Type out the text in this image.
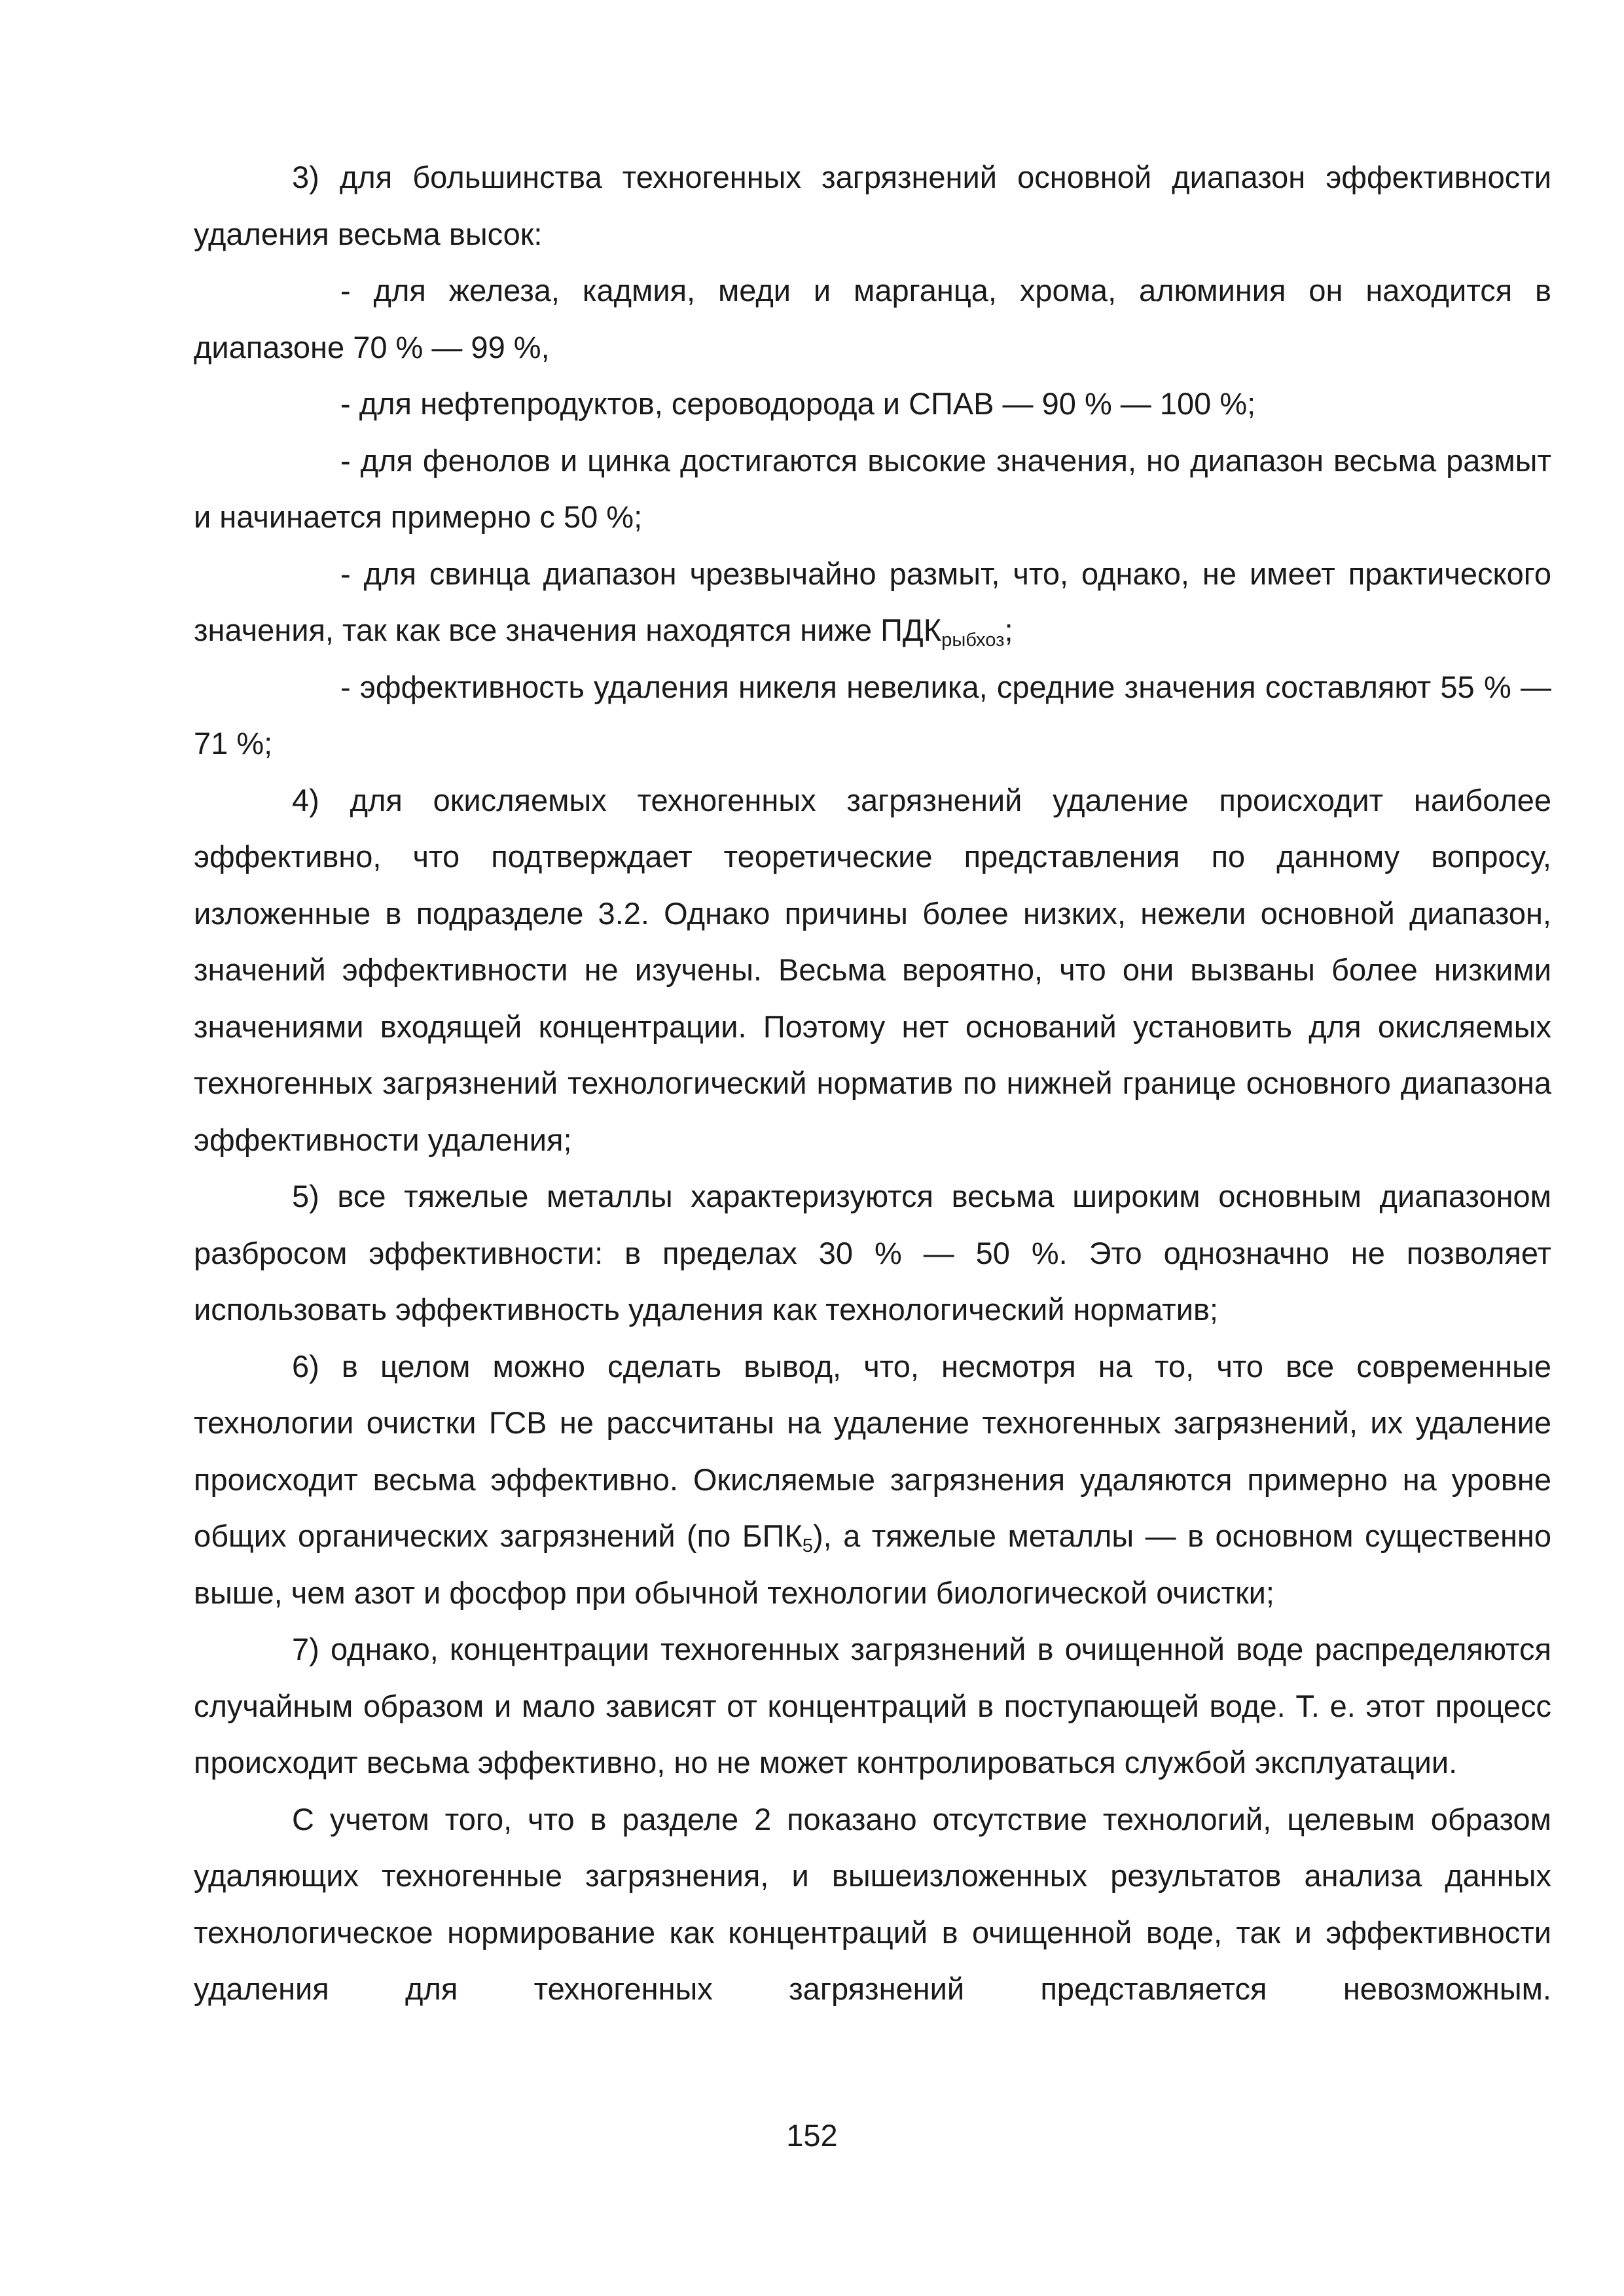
3) для большинства техногенных загрязнений основной диапазон эффективности удаления весьма высок:

- для железа, кадмия, меди и марганца, хрома, алюминия он находится в диапазоне 70 % — 99 %,

- для нефтепродуктов, сероводорода и СПАВ — 90 % — 100 %;

- для фенолов и цинка достигаются высокие значения, но диапазон весьма размыт и начинается примерно с 50 %;

- для свинца диапазон чрезвычайно размыт, что, однако, не имеет практического значения, так как все значения находятся ниже $ПДК_{рыбхоз}$;

- эффективность удаления никеля невелика, средние значения составляют 55 % — 71 %;

4) для окисляемых техногенных загрязнений удаление происходит наиболее эффективно, что подтверждает теоретические представления по данному вопросу, изложенные в подразделе 3.2. Однако причины более низких, нежели основной диапазон, значений эффективности не изучены. Весьма вероятно, что они вызваны более низкими значениями входящей концентрации. Поэтому нет оснований установить для окисляемых техногенных загрязнений технологический норматив по нижней границе основного диапазона эффективности удаления;

5) все тяжелые металлы характеризуются весьма широким основным диапазоном разбросом эффективности: в пределах 30 % — 50 %. Это однозначно не позволяет использовать эффективность удаления как технологический норматив;

6) в целом можно сделать вывод, что, несмотря на то, что все современные технологии очистки ГСВ не рассчитаны на удаление техногенных загрязнений, их удаление происходит весьма эффективно. Окисляемые загрязнения удаляются примерно на уровне общих органических загрязнений (по $БПК_5$), а тяжелые металлы — в основном существенно выше, чем азот и фосфор при обычной технологии биологической очистки;

7) однако, концентрации техногенных загрязнений в очищенной воде распределяются случайным образом и мало зависят от концентраций в поступающей воде. Т. е. этот процесс происходит весьма эффективно, но не может контролироваться службой эксплуатации.

С учетом того, что в разделе 2 показано отсутствие технологий, целевым образом удаляющих техногенные загрязнения, и вышеизложенных результатов анализа данных технологическое нормирование как концентраций в очищенной воде, так и эффективности удаления для техногенных загрязнений представляется невозможным.

152
